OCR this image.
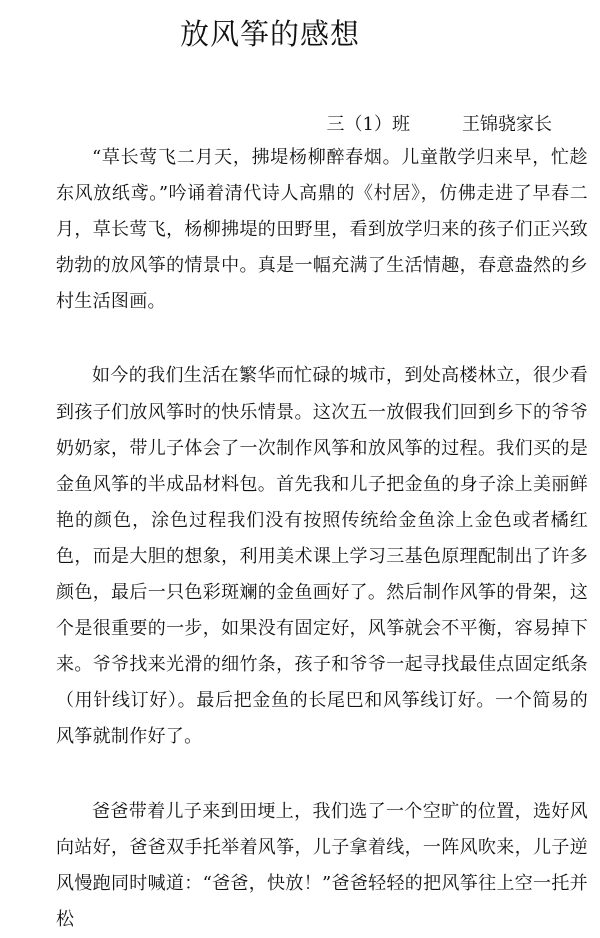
放风筝的感想

三（1）班	王锦骁家长

“草长莺飞二月天，拂堤杨柳醉春烟。儿童散学归来早，忙趁东风放纸鸢。”吟诵着清代诗人高鼎的《村居》，仿佛走进了早春二月，草长莺飞，杨柳拂堤的田野里，看到放学归来的孩子们正兴致勃勃的放风筝的情景中。真是一幅充满了生活情趣，春意盎然的乡村生活图画。

如今的我们生活在繁华而忙碌的城市，到处高楼林立，很少看到孩子们放风筝时的快乐情景。这次五一放假我们回到乡下的爷爷奶奶家，带儿子体会了一次制作风筝和放风筝的过程。我们买的是金鱼风筝的半成品材料包。首先我和儿子把金鱼的身子涂上美丽鲜艳的颜色，涂色过程我们没有按照传统给金鱼涂上金色或者橘红色，而是大胆的想象，利用美术课上学习三基色原理配制出了许多颜色，最后一只色彩斑斓的金鱼画好了。然后制作风筝的骨架，这个是很重要的一步，如果没有固定好，风筝就会不平衡，容易掉下来。爷爷找来光滑的细竹条，孩子和爷爷一起寻找最佳点固定纸条（用针线订好）。最后把金鱼的长尾巴和风筝线订好。一个简易的风筝就制作好了。

爸爸带着儿子来到田埂上，我们选了一个空旷的位置，选好风向站好，爸爸双手托举着风筝，儿子拿着线，一阵风吹来，儿子逆风慢跑同时喊道：“爸爸，快放！”爸爸轻轻的把风筝往上空一托并松
